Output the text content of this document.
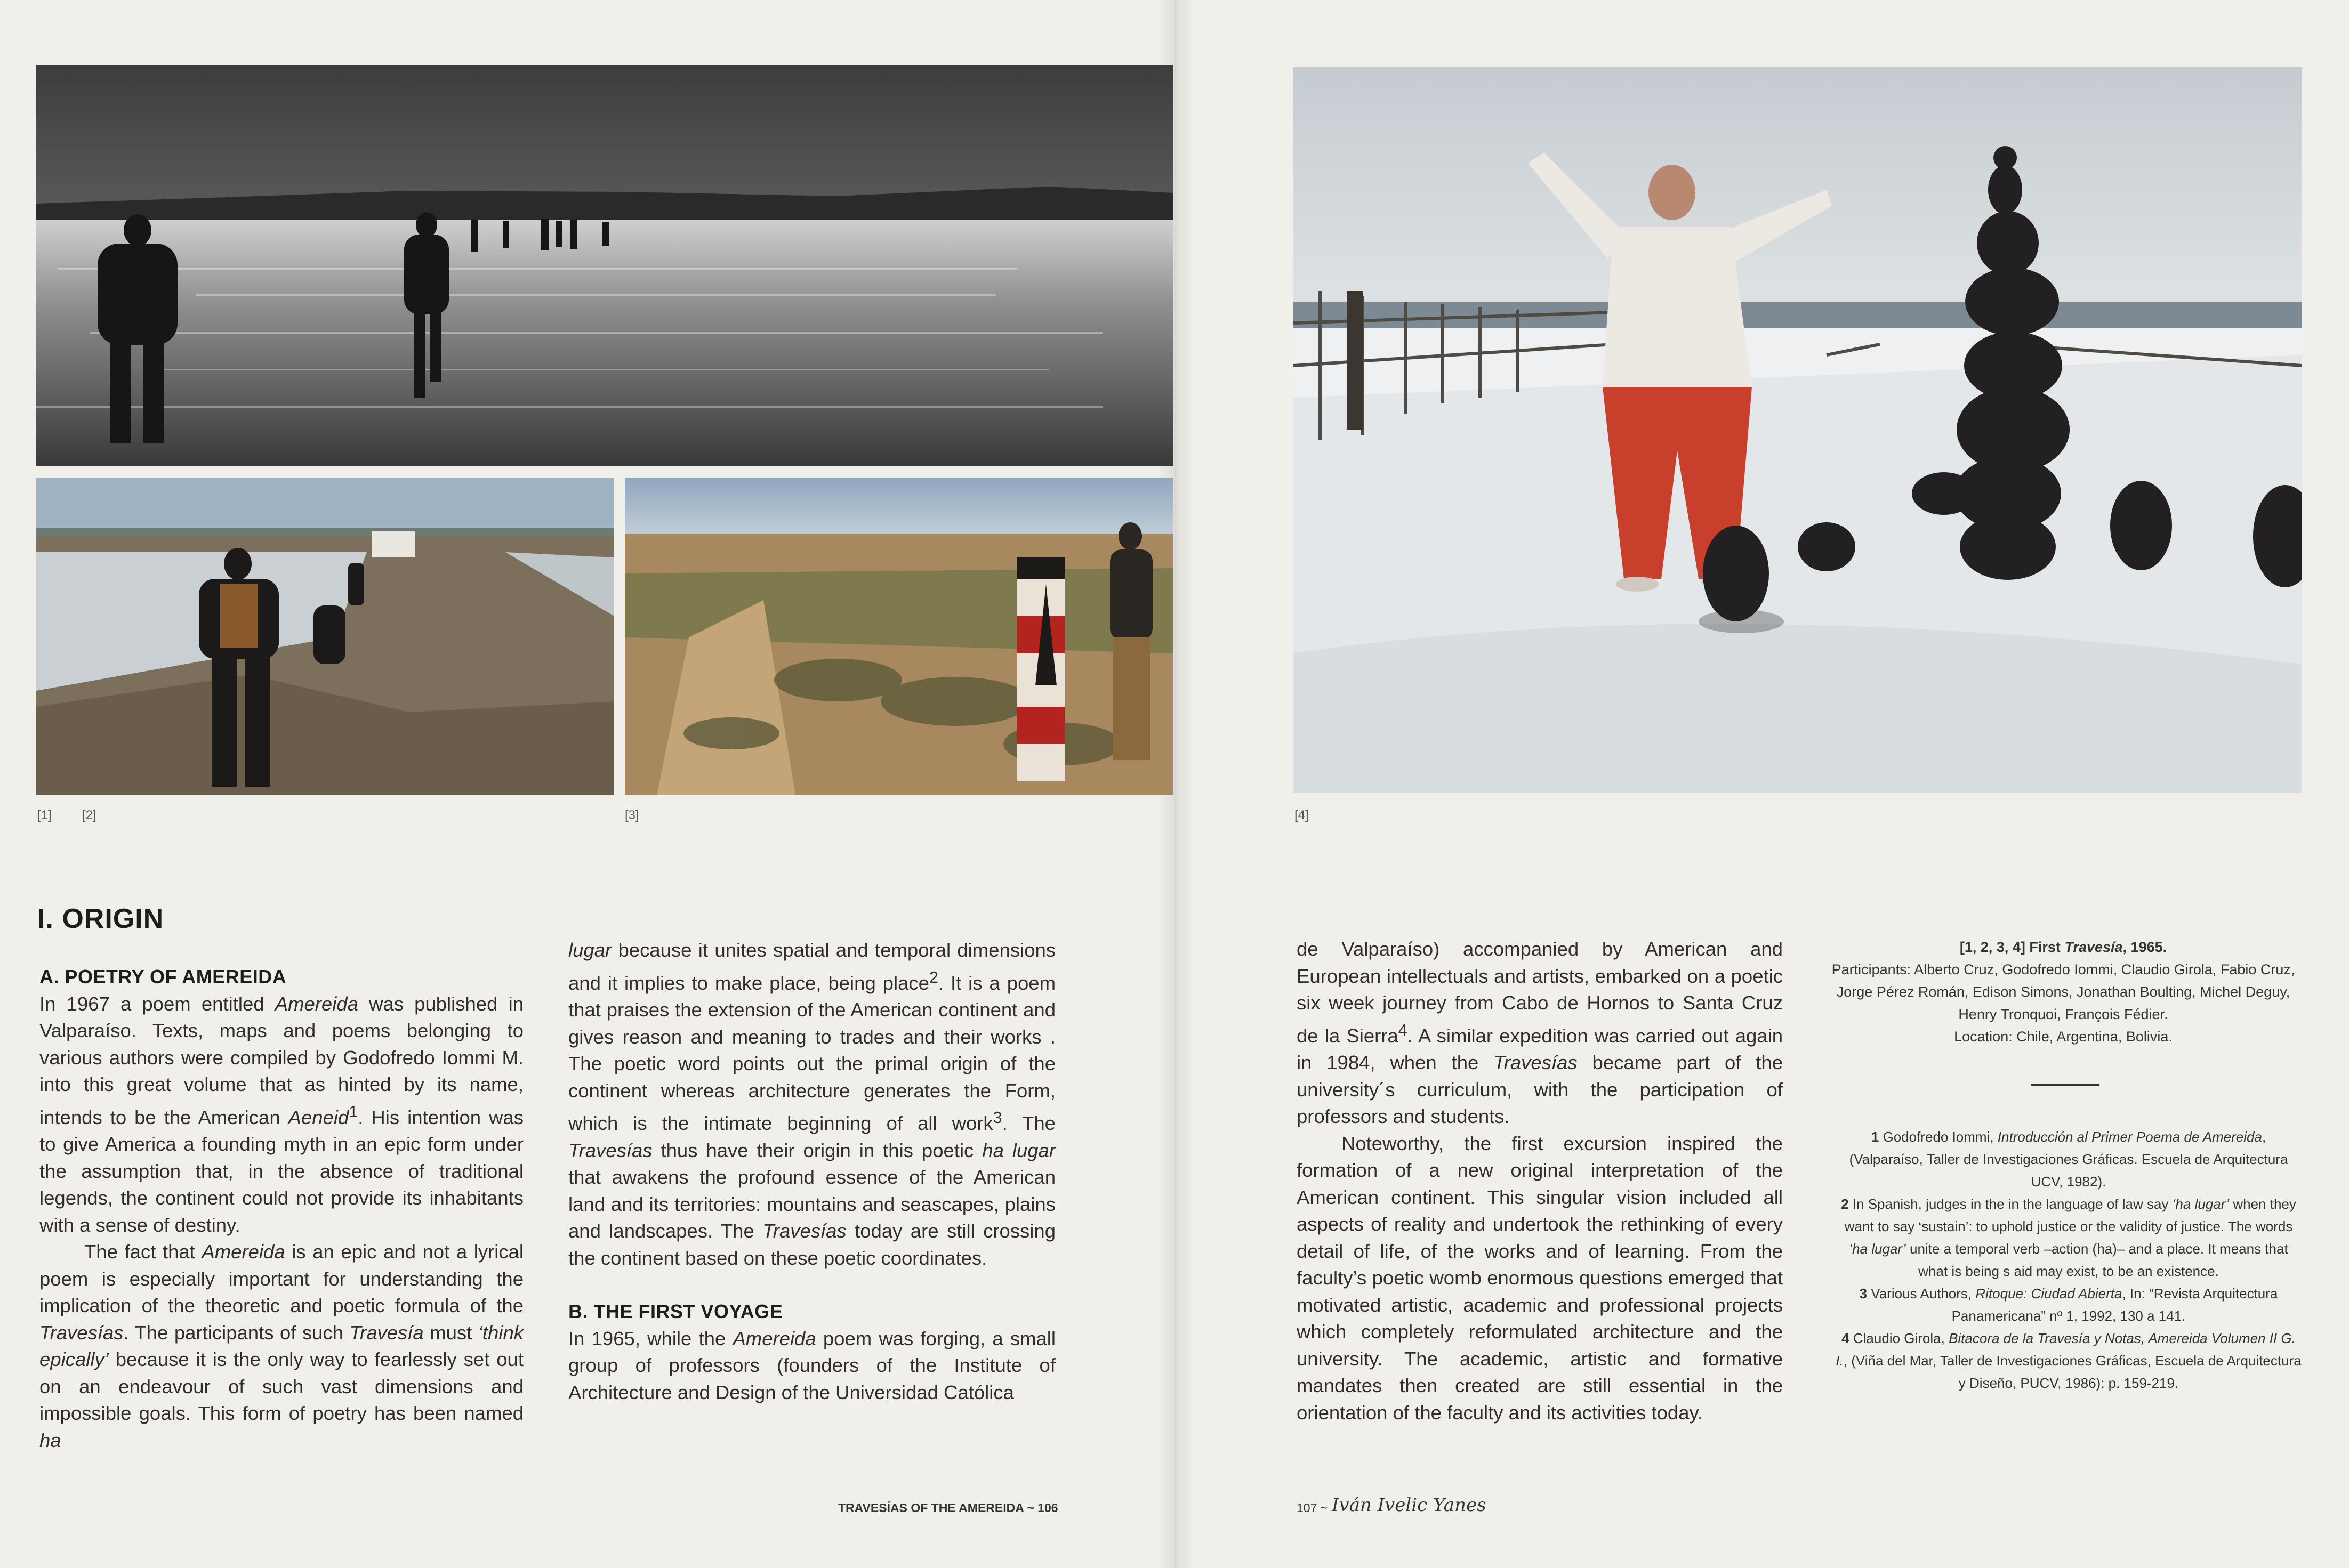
[1] [2]	[3]	[4]
I. ORIGIN

A. POETRY OF AMEREIDA

In 1967 a poem entitled Amereida was published in Valparaíso. Texts, maps and poems belonging to various authors were compiled by Godofredo Iommi M. into this great volume that as hinted by its name, intends to be the American Aeneid$^1$. His intention was to give America a founding myth in an epic form under the assumption that, in the absence of traditional legends, the continent could not provide its inhabitants with a sense of destiny.

The fact that Amereida is an epic and not a lyrical poem is especially important for understanding the implication of the theoretic and poetic formula of the Travesías. The participants of such Travesía must ‘think epically’ because it is the only way to fearlessly set out on an endeavour of such vast dimensions and impossible goals. This form of poetry has been named ha

lugar because it unites spatial and temporal dimensions and it implies to make place, being place$^2$. It is a poem that praises the extension of the American continent and gives reason and meaning to trades and their works . The poetic word points out the primal origin of the continent whereas architecture generates the Form, which is the intimate beginning of all work$^3$. The Travesías thus have their origin in this poetic ha lugar that awakens the profound essence of the American land and its territories: mountains and seascapes, plains and landscapes. The Travesías today are still crossing the continent based on these poetic coordinates.

B. THE FIRST VOYAGE

In 1965, while the Amereida poem was forging, a small group of professors (founders of the Institute of Architecture and Design of the Universidad Católica

TRAVESÍAS OF THE AMEREIDA ~ 106

de Valparaíso) accompanied by American and European intellectuals and artists, embarked on a poetic six week journey from Cabo de Hornos to Santa Cruz de la Sierra$^4$. A similar expedition was carried out again in 1984, when the Travesías became part of the university´s curriculum, with the participation of professors and students.

Noteworthy, the first excursion inspired the formation of a new original interpretation of the American continent. This singular vision included all aspects of reality and undertook the rethinking of every detail of life, of the works and of learning. From the faculty’s poetic womb enormous questions emerged that motivated artistic, academic and professional projects which completely reformulated architecture and the university. The academic, artistic and formative mandates then created are still essential in the orientation of the faculty and its activities today.

[1, 2, 3, 4] First Travesía, 1965.
Participants: Alberto Cruz, Godofredo Iommi, Claudio Girola, Fabio Cruz, Jorge Pérez Román, Edison Simons, Jonathan Boulting, Michel Deguy, Henry Tronquoi, François Fédier.
Location: Chile, Argentina, Bolivia.

1 Godofredo Iommi, Introducción al Primer Poema de Amereida, (Valparaíso, Taller de Investigaciones Gráficas. Escuela de Arquitectura UCV, 1982).

2 In Spanish, judges in the in the language of law say ‘ha lugar’ when they want to say ‘sustain’: to uphold justice or the validity of justice. The words ‘ha lugar’ unite a temporal verb –action (ha)– and a place. It means that what is being s aid may exist, to be an existence.

3 Various Authors, Ritoque: Ciudad Abierta, In: “Revista Arquitectura Panamericana” nº 1, 1992, 130 a 141.

4 Claudio Girola, Bitacora de la Travesía y Notas, Amereida Volumen II G. I., (Viña del Mar, Taller de Investigaciones Gráficas, Escuela de Arquitectura y Diseño, PUCV, 1986): p. 159-219.

107 ~ Iván Ivelic Yanes
